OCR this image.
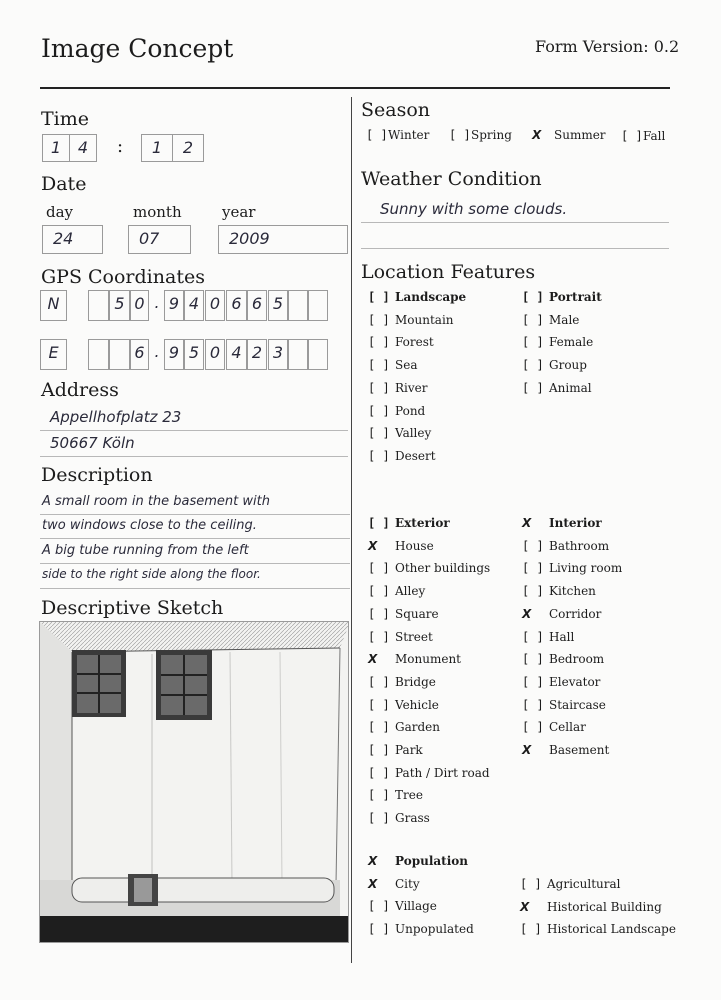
Image Concept	Form Version: 0.2
Time
1	4	:	1	2
Date
day	month	year
24	07	2009
GPS Coordinates
N	5 0 . 9 4 0 6 6 5
E	6 . 9 5 0 4 2 3
Address
Appellhofplatz 23
50667 Köln
Description
A small room in the basement with
two windows close to the ceiling.
A big tube running from the left
side to the right side along the floor.
Descriptive Sketch
Season
[ ]Winter [ ]Spring X Summer [ ]Fall
Weather Condition
Sunny with some clouds.
Location Features
[ ] Landscape
[ ] Mountain
[ ] Forest
[ ] Sea
[ ] River
[ ] Pond
[ ] Valley
[ ] Desert
[ ] Portrait
[ ] Male
[ ] Female
[ ] Group
[ ] Animal
[ ] Exterior
X House
[ ] Other buildings
[ ] Alley
[ ] Square
[ ] Street
X Monument
[ ] Bridge
[ ] Vehicle
[ ] Garden
[ ] Park
[ ] Path / Dirt road
[ ] Tree
[ ] Grass
X Interior
[ ] Bathroom
[ ] Living room
[ ] Kitchen
X Corridor
[ ] Hall
[ ] Bedroom
[ ] Elevator
[ ] Staircase
[ ] Cellar
X Basement
X Population
X City
[ ] Village
[ ] Unpopulated
[ ] Agricultural
X Historical Building
[ ] Historical Landscape
